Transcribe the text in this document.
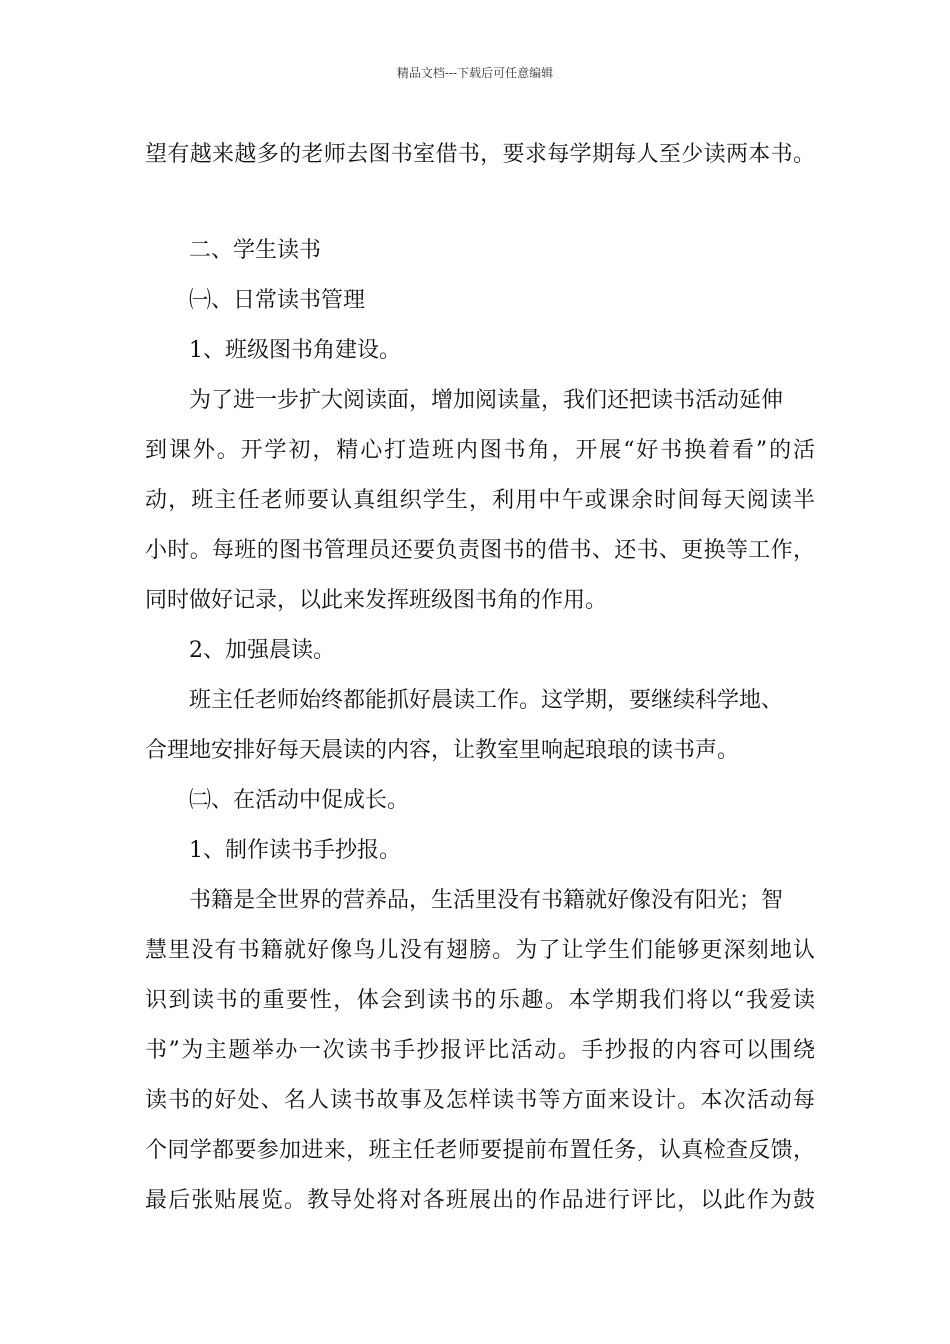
精品文档---下载后可任意编辑
望有越来越多的老师去图书室借书，要求每学期每人至少读两本书。
二、学生读书
㈠、日常读书管理
1、班级图书角建设。
为了进一步扩大阅读面，增加阅读量，我们还把读书活动延伸
到课外。开学初，精心打造班内图书角，开展“好书换着看”的活
动，班主任老师要认真组织学生，利用中午或课余时间每天阅读半
小时。每班的图书管理员还要负责图书的借书、还书、更换等工作，
同时做好记录，以此来发挥班级图书角的作用。
2、加强晨读。
班主任老师始终都能抓好晨读工作。这学期，要继续科学地、
合理地安排好每天晨读的内容，让教室里响起琅琅的读书声。
㈡、在活动中促成长。
1、制作读书手抄报。
书籍是全世界的营养品，生活里没有书籍就好像没有阳光；智
慧里没有书籍就好像鸟儿没有翅膀。为了让学生们能够更深刻地认
识到读书的重要性，体会到读书的乐趣。本学期我们将以“我爱读
书”为主题举办一次读书手抄报评比活动。手抄报的内容可以围绕
读书的好处、名人读书故事及怎样读书等方面来设计。本次活动每
个同学都要参加进来，班主任老师要提前布置任务，认真检查反馈，
最后张贴展览。教导处将对各班展出的作品进行评比，以此作为鼓
